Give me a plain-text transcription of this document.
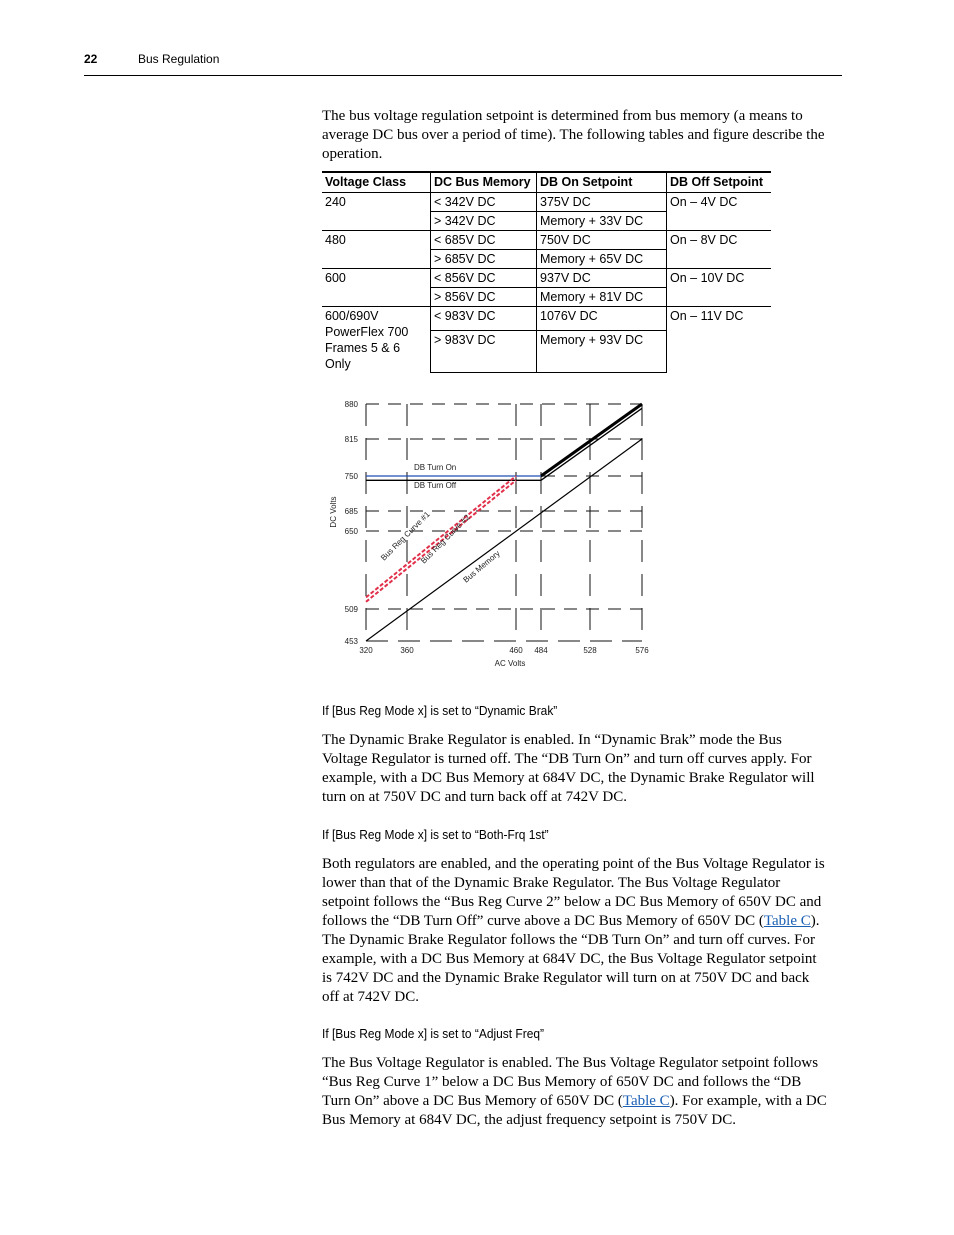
22	Bus Regulation
The bus voltage regulation setpoint is determined from bus memory (a means to average DC bus over a period of time). The following tables and figure describe the operation.
Voltage Class	DC Bus Memory	DB On Setpoint	DB Off Setpoint

240	< 342V DC	375V DC	On – 4V DC
	> 342V DC	Memory + 33V DC	

480	< 685V DC	750V DC	On – 8V DC
	> 685V DC	Memory + 65V DC	

600	< 856V DC	937V DC	On – 10V DC
	> 856V DC	Memory + 81V DC	

600/690V
PowerFlex 700
Frames 5 & 6 Only	< 983V DC	1076V DC	On – 11V DC
	> 983V DC	Memory + 93V DC	
880
815
750
685
650
509
453
320	360	460 484	528	576
AC Volts
DC Volts
DB Turn On
DB Turn Off
Bus Reg Curve #1
Bus Reg Curve #2
Bus Memory
If [Bus Reg Mode x] is set to “Dynamic Brak”
The Dynamic Brake Regulator is enabled. In “Dynamic Brak” mode the Bus
Voltage Regulator is turned off. The “DB Turn On” and turn off curves apply. For
example, with a DC Bus Memory at 684V DC, the Dynamic Brake Regulator will
turn on at 750V DC and turn back off at 742V DC.
If [Bus Reg Mode x] is set to “Both-Frq 1st”
Both regulators are enabled, and the operating point of the Bus Voltage Regulator is
lower than that of the Dynamic Brake Regulator. The Bus Voltage Regulator
setpoint follows the “Bus Reg Curve 2” below a DC Bus Memory of 650V DC and
follows the “DB Turn Off” curve above a DC Bus Memory of 650V DC (Table C).
The Dynamic Brake Regulator follows the “DB Turn On” and turn off curves. For
example, with a DC Bus Memory at 684V DC, the Bus Voltage Regulator setpoint
is 742V DC and the Dynamic Brake Regulator will turn on at 750V DC and back
off at 742V DC.
If [Bus Reg Mode x] is set to “Adjust Freq”
The Bus Voltage Regulator is enabled. The Bus Voltage Regulator setpoint follows
“Bus Reg Curve 1” below a DC Bus Memory of 650V DC and follows the “DB
Turn On” above a DC Bus Memory of 650V DC (Table C). For example, with a DC
Bus Memory at 684V DC, the adjust frequency setpoint is 750V DC.
